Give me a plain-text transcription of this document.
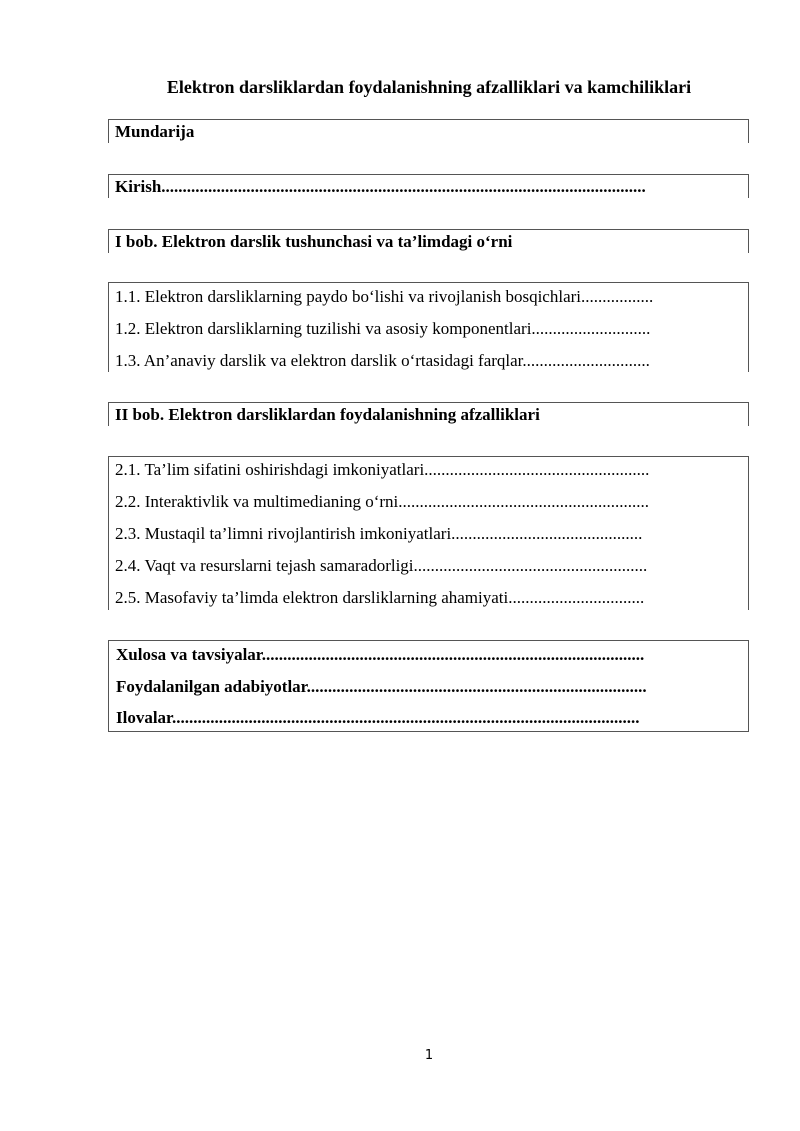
Elektron darsliklardan foydalanishning afzalliklari va kamchiliklari
Mundarija
Kirish..................................................................................................................
I bob. Elektron darslik tushunchasi va ta’limdagi o‘rni
1.1. Elektron darsliklarning paydo bo‘lishi va rivojlanish bosqichlari.................
1.2. Elektron darsliklarning tuzilishi va asosiy komponentlari............................
1.3. An’anaviy darslik va elektron darslik o‘rtasidagi farqlar..............................
II bob. Elektron darsliklardan foydalanishning afzalliklari
2.1. Ta’lim sifatini oshirishdagi imkoniyatlari.....................................................
2.2. Interaktivlik va multimedianing o‘rni...........................................................
2.3. Mustaqil ta’limni rivojlantirish imkoniyatlari.............................................
2.4. Vaqt va resurslarni tejash samaradorligi.......................................................
2.5. Masofaviy ta’limda elektron darsliklarning ahamiyati................................
Xulosa va tavsiyalar..........................................................................................
Foydalanilgan adabiyotlar................................................................................
Ilovalar..............................................................................................................
1
